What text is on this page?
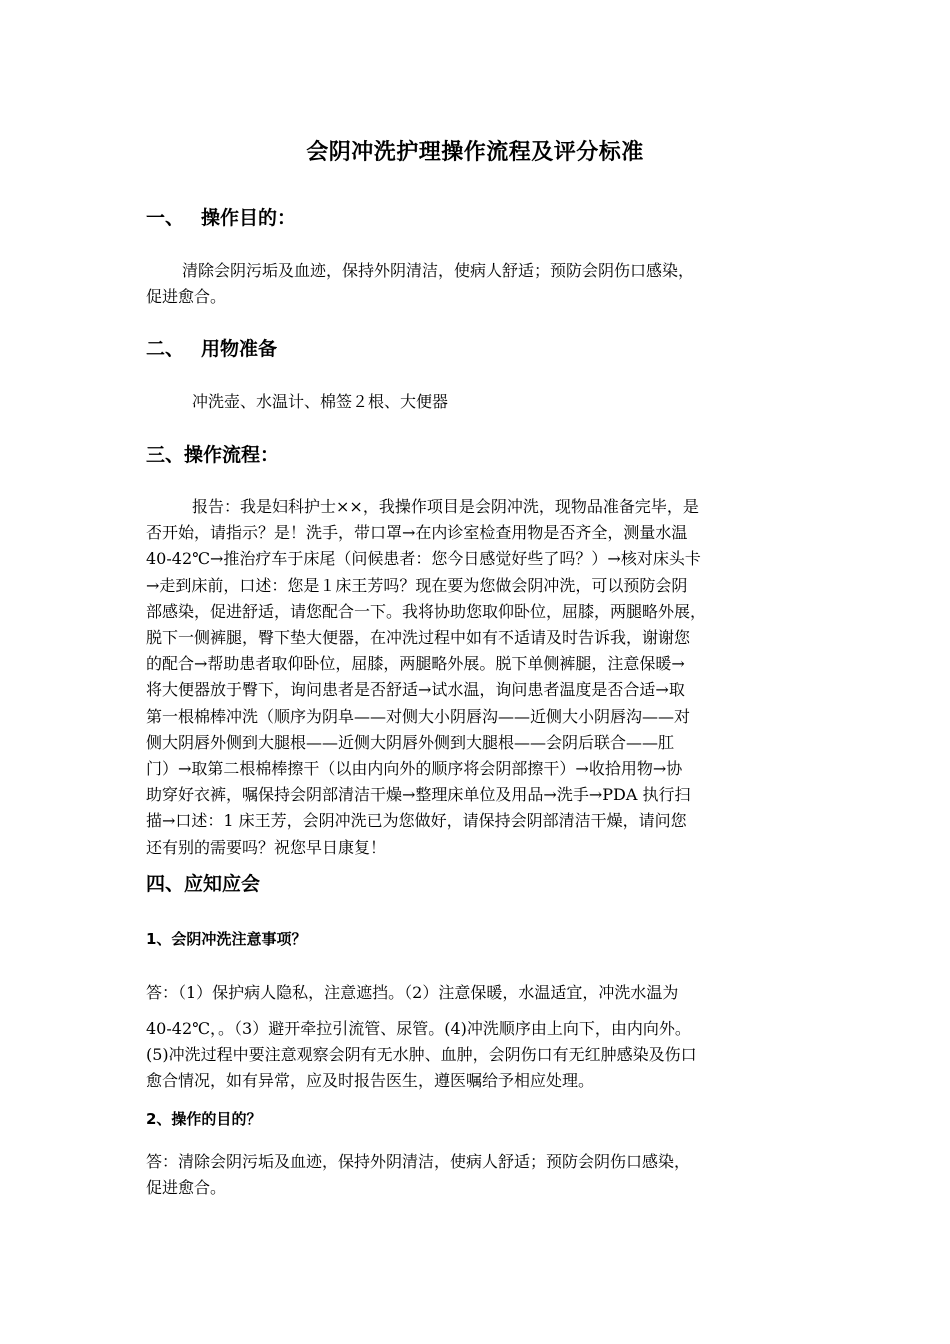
会阴冲洗护理操作流程及评分标准
一、 操作目的：
清除会阴污垢及血迹，保持外阴清洁，使病人舒适；预防会阴伤口感染，
促进愈合。
二、 用物准备
冲洗壶、水温计、棉签２根、大便器
三、操作流程：
报告：我是妇科护士××，我操作项目是会阴冲洗，现物品准备完毕，是
否开始，请指示？是！洗手，带口罩→在内诊室检查用物是否齐全，测量水温
40-42℃→推治疗车于床尾（问候患者：您今日感觉好些了吗？）→核对床头卡
→走到床前，口述：您是１床王芳吗？现在要为您做会阴冲洗，可以预防会阴
部感染，促进舒适，请您配合一下。我将协助您取仰卧位，屈膝，两腿略外展，
脱下一侧裤腿，臀下垫大便器，在冲洗过程中如有不适请及时告诉我，谢谢您
的配合→帮助患者取仰卧位，屈膝，两腿略外展。脱下单侧裤腿，注意保暖→
将大便器放于臀下，询问患者是否舒适→试水温，询问患者温度是否合适→取
第一根棉棒冲洗（顺序为阴阜——对侧大小阴唇沟——近侧大小阴唇沟——对
侧大阴唇外侧到大腿根——近侧大阴唇外侧到大腿根——会阴后联合——肛
门）→取第二根棉棒擦干（以由内向外的顺序将会阴部擦干）→收拾用物→协
助穿好衣裤，嘱保持会阴部清洁干燥→整理床单位及用品→洗手→PDA 执行扫
描→口述：1 床王芳，会阴冲洗已为您做好，请保持会阴部清洁干燥，请问您
还有别的需要吗？祝您早日康复！
四、应知应会
1、会阴冲洗注意事项？
答：（1）保护病人隐私，注意遮挡。（2）注意保暖，水温适宜，冲洗水温为
40-42℃，。（3）避开牵拉引流管、尿管。(4)冲洗顺序由上向下，由内向外。
(5)冲洗过程中要注意观察会阴有无水肿、血肿，会阴伤口有无红肿感染及伤口
愈合情况，如有异常，应及时报告医生，遵医嘱给予相应处理。
2、操作的目的？
答：清除会阴污垢及血迹，保持外阴清洁，使病人舒适；预防会阴伤口感染，
促进愈合。
